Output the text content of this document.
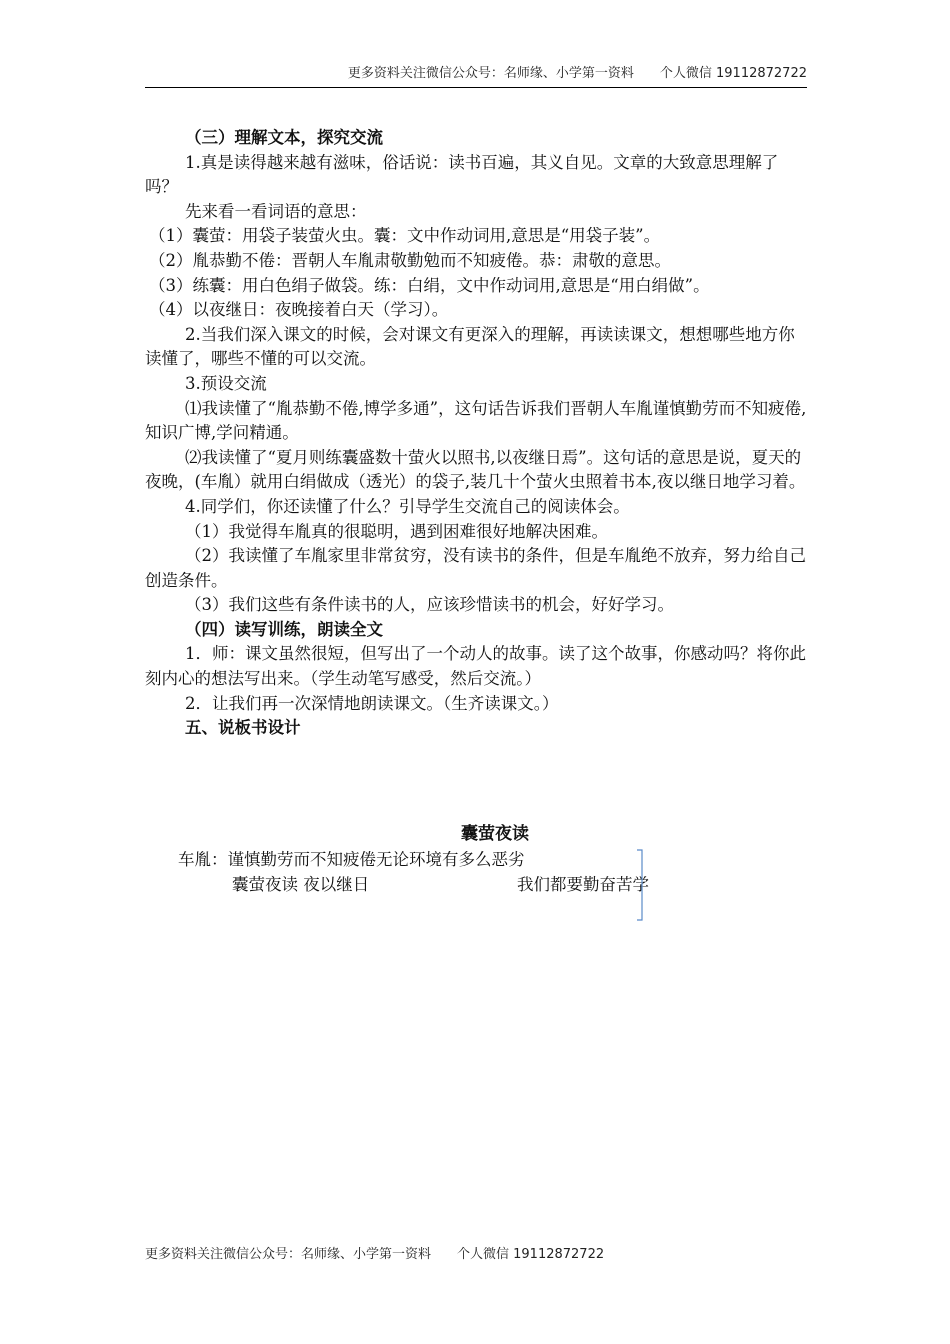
更多资料关注微信公众号：名师缘、小学第一资料　　个人微信 19112872722

（三）理解文本，探究交流

1.真是读得越来越有滋味，俗话说：读书百遍，其义自见。文章的大致意思理解了吗？

先来看一看词语的意思：

（1）囊萤：用袋子装萤火虫。囊：文中作动词用,意思是“用袋子装”。

（2）胤恭勤不倦：晋朝人车胤肃敬勤勉而不知疲倦。恭：肃敬的意思。

（3）练囊：用白色绢子做袋。练：白绢，文中作动词用,意思是“用白绢做”。

（4）以夜继日：夜晚接着白天（学习）。

2.当我们深入课文的时候，会对课文有更深入的理解，再读读课文，想想哪些地方你读懂了，哪些不懂的可以交流。

3.预设交流

⑴我读懂了“胤恭勤不倦,博学多通”，这句话告诉我们晋朝人车胤谨慎勤劳而不知疲倦,知识广博,学问精通。

⑵我读懂了“夏月则练囊盛数十萤火以照书,以夜继日焉”。这句话的意思是说，夏天的夜晚，(车胤）就用白绢做成（透光）的袋子,装几十个萤火虫照着书本,夜以继日地学习着。

4.同学们，你还读懂了什么？引导学生交流自己的阅读体会。

（1）我觉得车胤真的很聪明，遇到困难很好地解决困难。

（2）我读懂了车胤家里非常贫穷，没有读书的条件，但是车胤绝不放弃，努力给自己创造条件。

（3）我们这些有条件读书的人，应该珍惜读书的机会，好好学习。

（四）读写训练，朗读全文

1．师：课文虽然很短，但写出了一个动人的故事。读了这个故事，你感动吗？将你此刻内心的想法写出来。（学生动笔写感受，然后交流。）

2．让我们再一次深情地朗读课文。（生齐读课文。）

五、说板书设计

囊萤夜读
车胤：谨慎勤劳而不知疲倦无论环境有多么恶劣
囊萤夜读 夜以继日	我们都要勤奋苦学
更多资料关注微信公众号：名师缘、小学第一资料　　个人微信 19112872722
